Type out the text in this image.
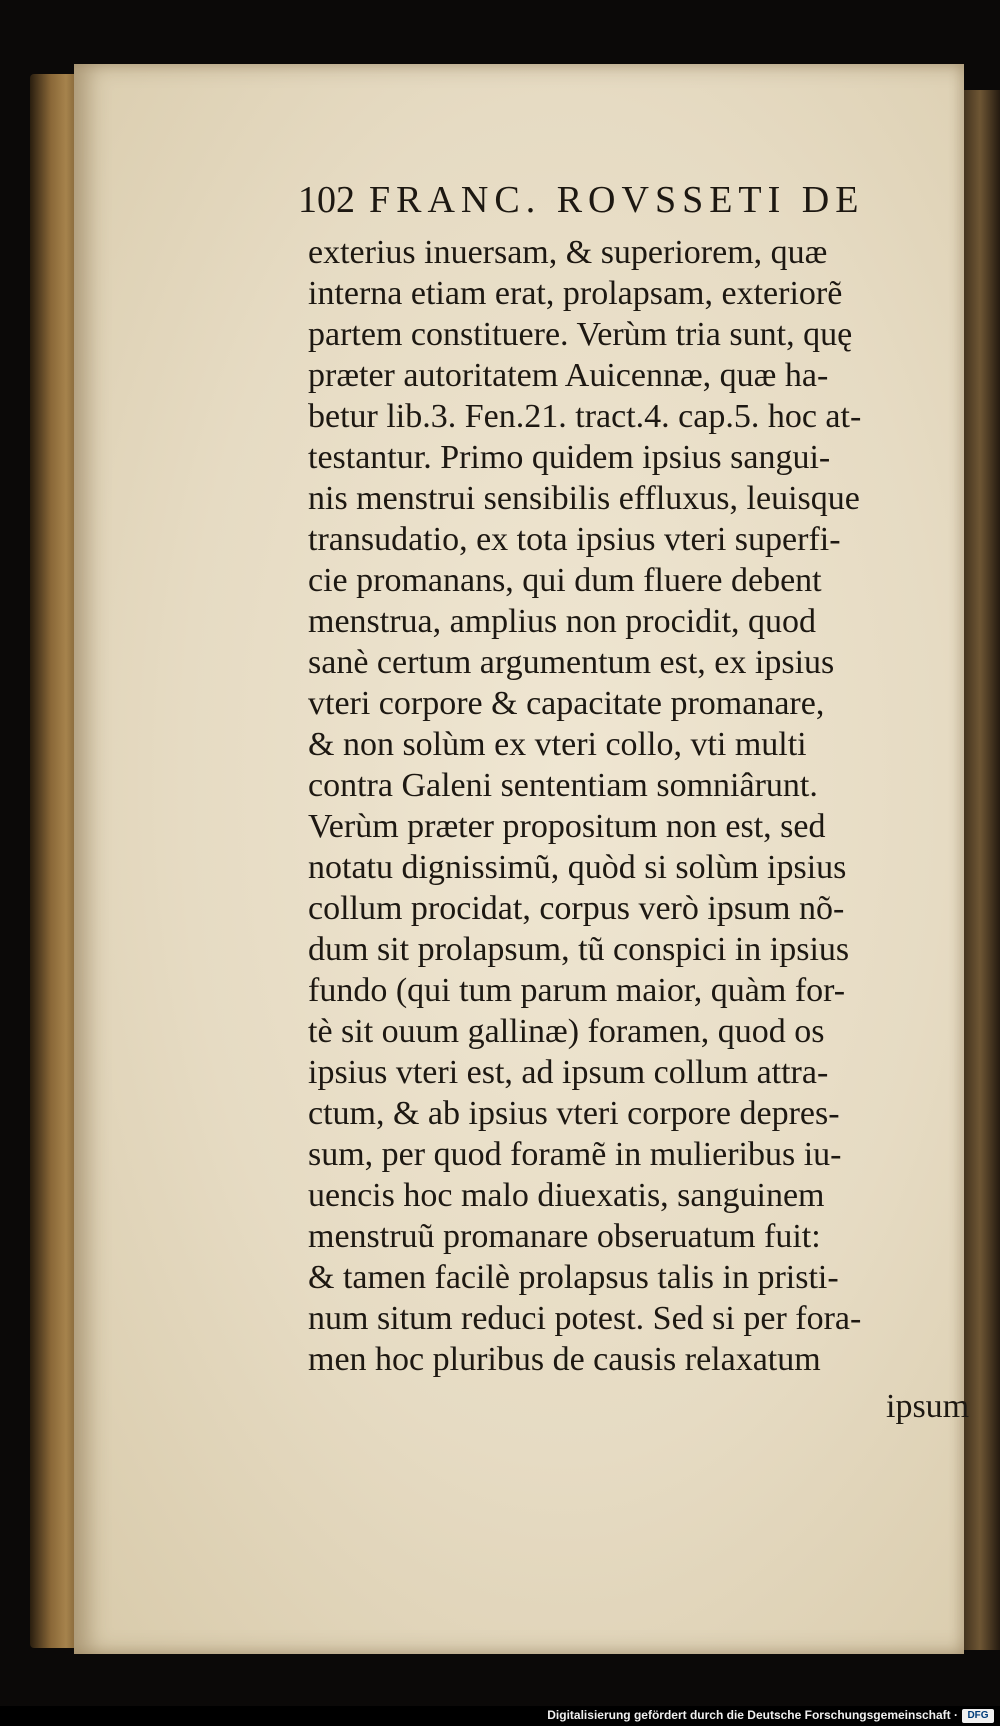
102 FRANC. ROVSSETI DE
exterius inuersam, & superiorem, quæ
interna etiam erat, prolapsam, exteriorẽ
partem constituere. Verùm tria sunt, quę
præter autoritatem Auicennæ, quæ ha-
betur lib.3. Fen.21. tract.4. cap.5. hoc at-
testantur. Primo quidem ipsius sangui-
nis menstrui sensibilis effluxus, leuisque
transudatio, ex tota ipsius vteri superfi-
cie promanans, qui dum fluere debent
menstrua, amplius non procidit, quod
sanè certum argumentum est, ex ipsius
vteri corpore & capacitate promanare,
& non solùm ex vteri collo, vti multi
contra Galeni sententiam somniârunt.
Verùm præter propositum non est, sed
notatu dignissimũ, quòd si solùm ipsius
collum procidat, corpus verò ipsum nõ-
dum sit prolapsum, tũ conspici in ipsius
fundo (qui tum parum maior, quàm for-
tè sit ouum gallinæ) foramen, quod os
ipsius vteri est, ad ipsum collum attra-
ctum, & ab ipsius vteri corpore depres-
sum, per quod foramẽ in mulieribus iu-
uencis hoc malo diuexatis, sanguinem
menstruũ promanare obseruatum fuit:
& tamen facilè prolapsus talis in pristi-
num situm reduci potest. Sed si per fora-
men hoc pluribus de causis relaxatum
ipsum
Digitalisierung gefördert durch die Deutsche Forschungsgemeinschaft · DFG
